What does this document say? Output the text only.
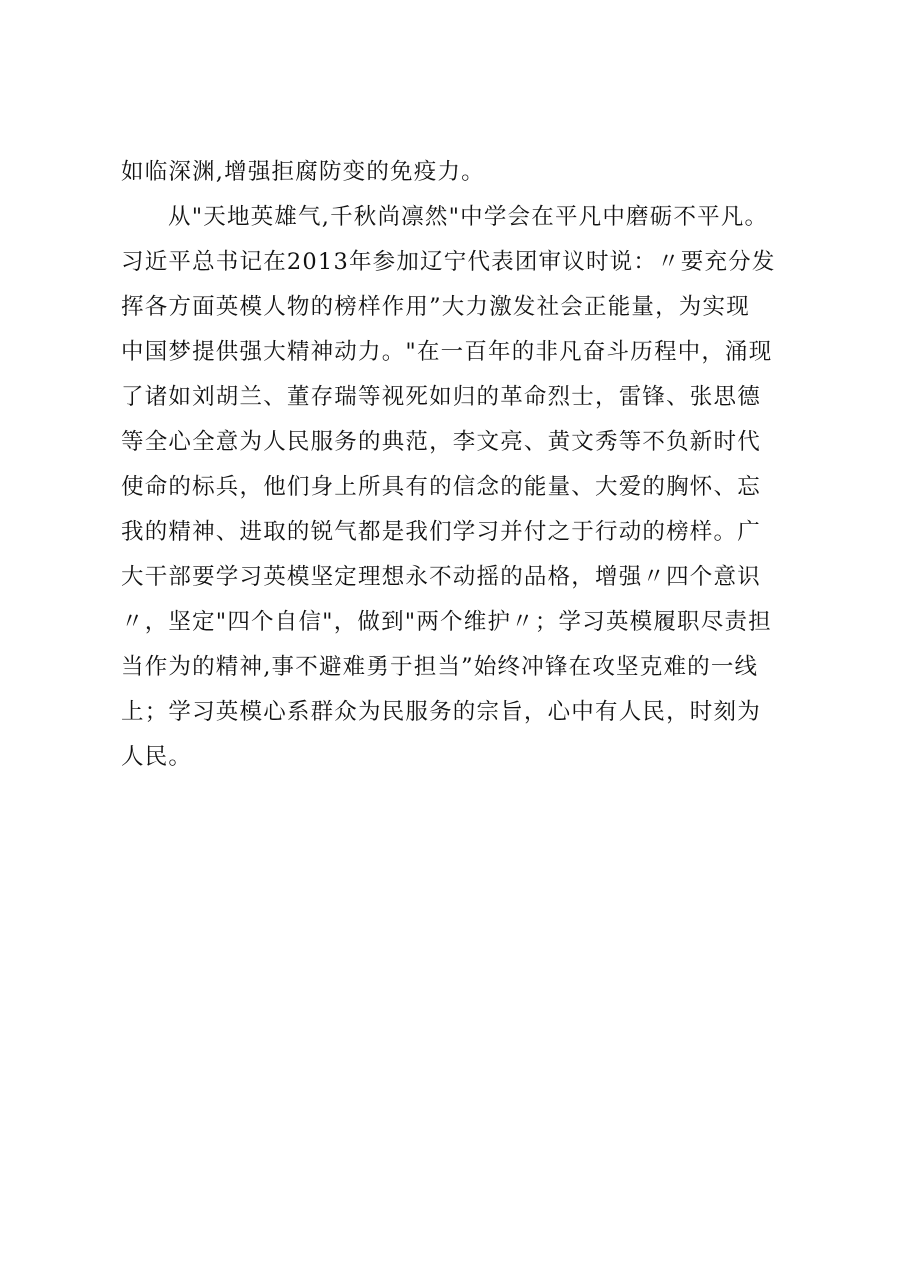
如临深渊,增强拒腐防变的免疫力。
从"天地英雄气,千秋尚凛然"中学会在平凡中磨砺不平凡。
习近平总书记在2013年参加辽宁代表团审议时说：〃要充分发
挥各方面英模人物的榜样作用”大力激发社会正能量，为实现
中国梦提供强大精神动力。"在一百年的非凡奋斗历程中，涌现
了诸如刘胡兰、董存瑞等视死如归的革命烈士，雷锋、张思德
等全心全意为人民服务的典范，李文亮、黄文秀等不负新时代
使命的标兵，他们身上所具有的信念的能量、大爱的胸怀、忘
我的精神、进取的锐气都是我们学习并付之于行动的榜样。广
大干部要学习英模坚定理想永不动摇的品格，增强〃四个意识
〃，坚定"四个自信"，做到"两个维护〃；学习英模履职尽责担
当作为的精神,事不避难勇于担当”始终冲锋在攻坚克难的一线
上；学习英模心系群众为民服务的宗旨，心中有人民，时刻为
人民。
